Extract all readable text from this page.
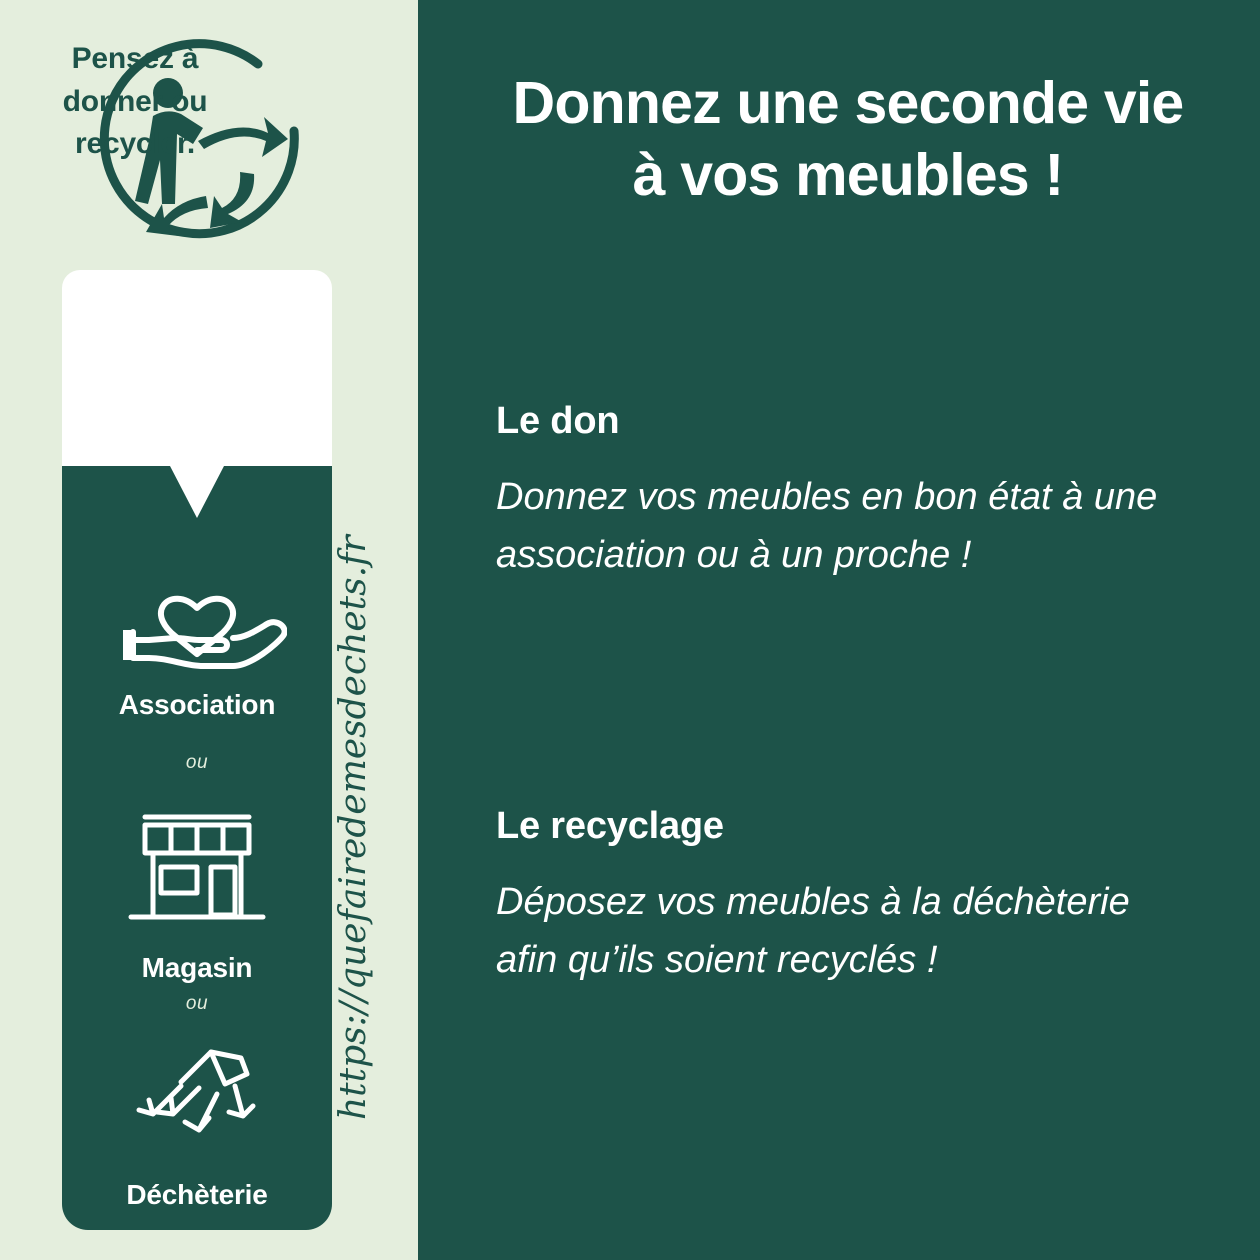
Pensez à
donner ou
recycler.
Association
ou
Magasin
ou
Déchèterie
https://quefairedemesdechets.fr
Donnez une seconde vie
à vos meubles !
Le don

Donnez vos meubles en bon état à une association ou à un proche !

Le recyclage

Déposez vos meubles à la déchèterie afin qu’ils soient recyclés !
